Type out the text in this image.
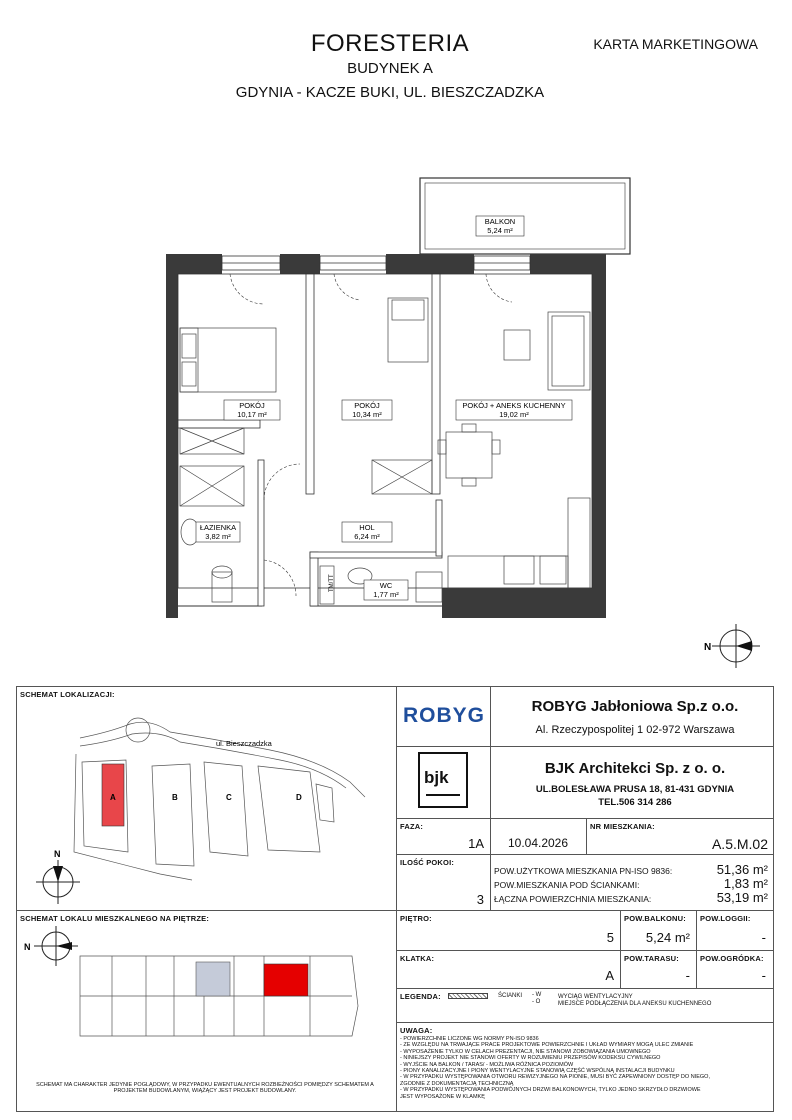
FORESTERIA
BUDYNEK A
GDYNIA - KACZE BUKI, UL. BIESZCZADZKA
KARTA MARKETINGOWA
BALKON
5,24 m²
POKÓJ
10,17 m²
POKÓJ
10,34 m²
POKÓJ + ANEKS KUCHENNY
19,02 m²
ŁAZIENKA
3,82 m²
HOL
6,24 m²
WC
1,77 m²
TM/TT
N
SCHEMAT LOKALIZACJI:
A	B	C	D
ul. Bieszczadzka
N
SCHEMAT LOKALU MIESZKALNEGO NA PIĘTRZE:
N
SCHEMAT MA CHARAKTER JEDYNIE POGLĄDOWY, W PRZYPADKU EWENTUALNYCH ROZBIEŻNOŚCI POMIĘDZY SCHEMATEM A PROJEKTEM BUDOWLANYM, WIĄŻĄCY JEST PROJEKT BUDOWLANY.
ROBYG	ROBYG Jabłoniowa Sp.z o.o.
Al. Rzeczypospolitej 1 02-972 Warszawa
bjk	BJK Architekci Sp. z o. o.
UL.BOLESŁAWA PRUSA 18, 81-431 GDYNIA
TEL.506 314 286
FAZA:
1A	10.04.2026
NR MIESZKANIA:
A.5.M.02
ILOŚĆ POKOI:
3
POW.UŻYTKOWA MIESZKANIA PN-ISO 9836:	51,36 m²
POW.MIESZKANIA POD ŚCIANKAMI:	1,83 m²
ŁĄCZNA POWIERZCHNIA MIESZKANIA:	53,19 m²
PIĘTRO:
5
POW.BALKONU:
5,24 m²
POW.LOGGII:
-
KLATKA:
A
POW.TARASU:
-
POW.OGRÓDKA:
-
LEGENDA:	ŚCIANKI - W
- O
WYCIĄG WENTYLACYJNY
MIEJSCE PODŁĄCZENIA DLA ANEKSU KUCHENNEGO
UWAGA:
- POWIERZCHNIE LICZONE WG NORMY PN-ISO 9836
- ZE WZGLĘDU NA TRWAJĄCE PRACE PROJEKTOWE POWIERZCHNIE I UKŁAD WYMIARY MOGĄ ULEC ZMIANIE
- WYPOSAŻENIE TYLKO W CELACH PREZENTACJI, NIE STANOWI ZOBOWIĄZANIA UMOWNEGO
- NINIEJSZY PROJEKT NIE STANOWI OFERTY W ROZUMIENIU PRZEPISÓW KODEKSU CYWILNEGO
- WYJŚCIE NA BALKON / TARAS/ - MOŻLIWA RÓŻNICA POZIOMÓW
- PIONY KANALIZACYJNE I PIONY WENTYLACYJNE STANOWIĄ CZĘŚĆ WSPÓLNĄ INSTALACJI BUDYNKU
- W PRZYPADKU WYSTĘPOWANIA OTWORU REWIZYJNEGO NA PIONIE, MUSI BYĆ ZAPEWNIONY DOSTĘP DO NIEGO,
ZGODNIE Z DOKUMENTACJĄ TECHNICZNĄ
- W PRZYPADKU WYSTĘPOWANIA PODWÓJNYCH DRZWI BALKONOWYCH, TYLKO JEDNO SKRZYDŁO DRZWIOWE
JEST WYPOSAŻONE W KLAMKĘ
